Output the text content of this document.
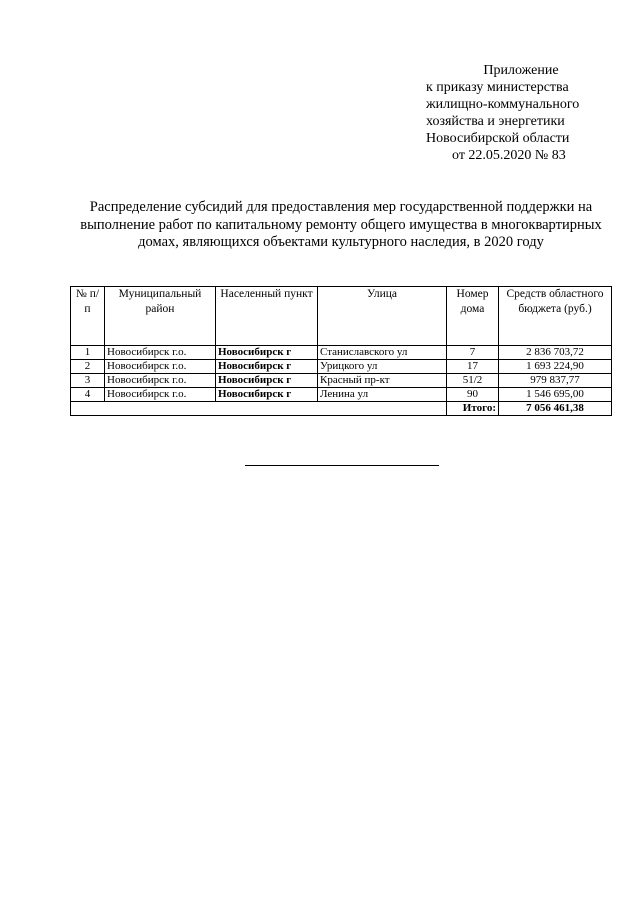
Приложение
к приказу министерства
жилищно-коммунального
хозяйства и энергетики
Новосибирской области
от 22.05.2020 № 83
Распределение субсидий для предоставления мер государственной поддержки на выполнение работ по капитальному ремонту общего имущества в многоквартирных домах, являющихся объектами культурного наследия, в 2020 году
№ п/п	Муниципальный район	Населенный пункт	Улица	Номер дома	Средств областного бюджета (руб.)
1	Новосибирск г.о.	Новосибирск г	Станиславского ул	7	2 836 703,72
2	Новосибирск г.о.	Новосибирск г	Урицкого ул	17	1 693 224,90
3	Новосибирск г.о.	Новосибирск г	Красный пр-кт	51/2	979 837,77
4	Новосибирск г.о.	Новосибирск г	Ленина ул	90	1 546 695,00
				Итого:	7 056 461,38
